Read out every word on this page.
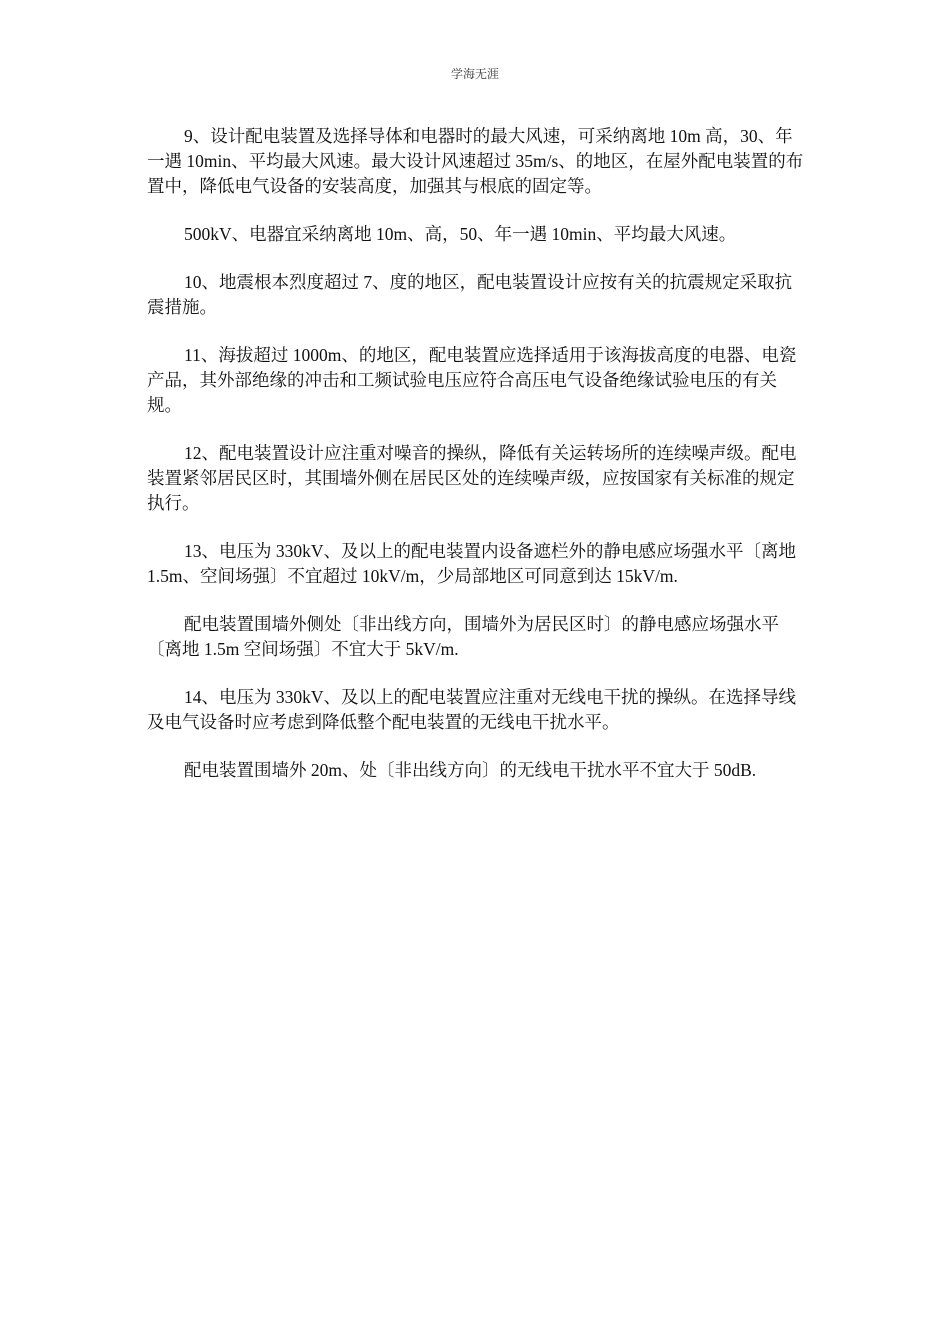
学海无涯

9、设计配电装置及选择导体和电器时的最大风速，可采纳离地 10m 高，30、年一遇 10min、平均最大风速。最大设计风速超过 35m/s、的地区，在屋外配电装置的布置中，降低电气设备的安装高度，加强其与根底的固定等。

500kV、电器宜采纳离地 10m、高，50、年一遇 10min、平均最大风速。

10、地震根本烈度超过 7、度的地区，配电装置设计应按有关的抗震规定采取抗震措施。

11、海拔超过 1000m、的地区，配电装置应选择适用于该海拔高度的电器、电瓷产品，其外部绝缘的冲击和工频试验电压应符合高压电气设备绝缘试验电压的有关规。

12、配电装置设计应注重对噪音的操纵，降低有关运转场所的连续噪声级。配电装置紧邻居民区时，其围墙外侧在居民区处的连续噪声级，应按国家有关标准的规定执行。

13、电压为 330kV、及以上的配电装置内设备遮栏外的静电感应场强水平〔离地 1.5m、空间场强〕不宜超过 10kV/m，少局部地区可同意到达 15kV/m.

配电装置围墙外侧处〔非出线方向，围墙外为居民区时〕的静电感应场强水平〔离地 1.5m 空间场强〕不宜大于 5kV/m.

14、电压为 330kV、及以上的配电装置应注重对无线电干扰的操纵。在选择导线及电气设备时应考虑到降低整个配电装置的无线电干扰水平。

配电装置围墙外 20m、处〔非出线方向〕的无线电干扰水平不宜大于 50dB.
